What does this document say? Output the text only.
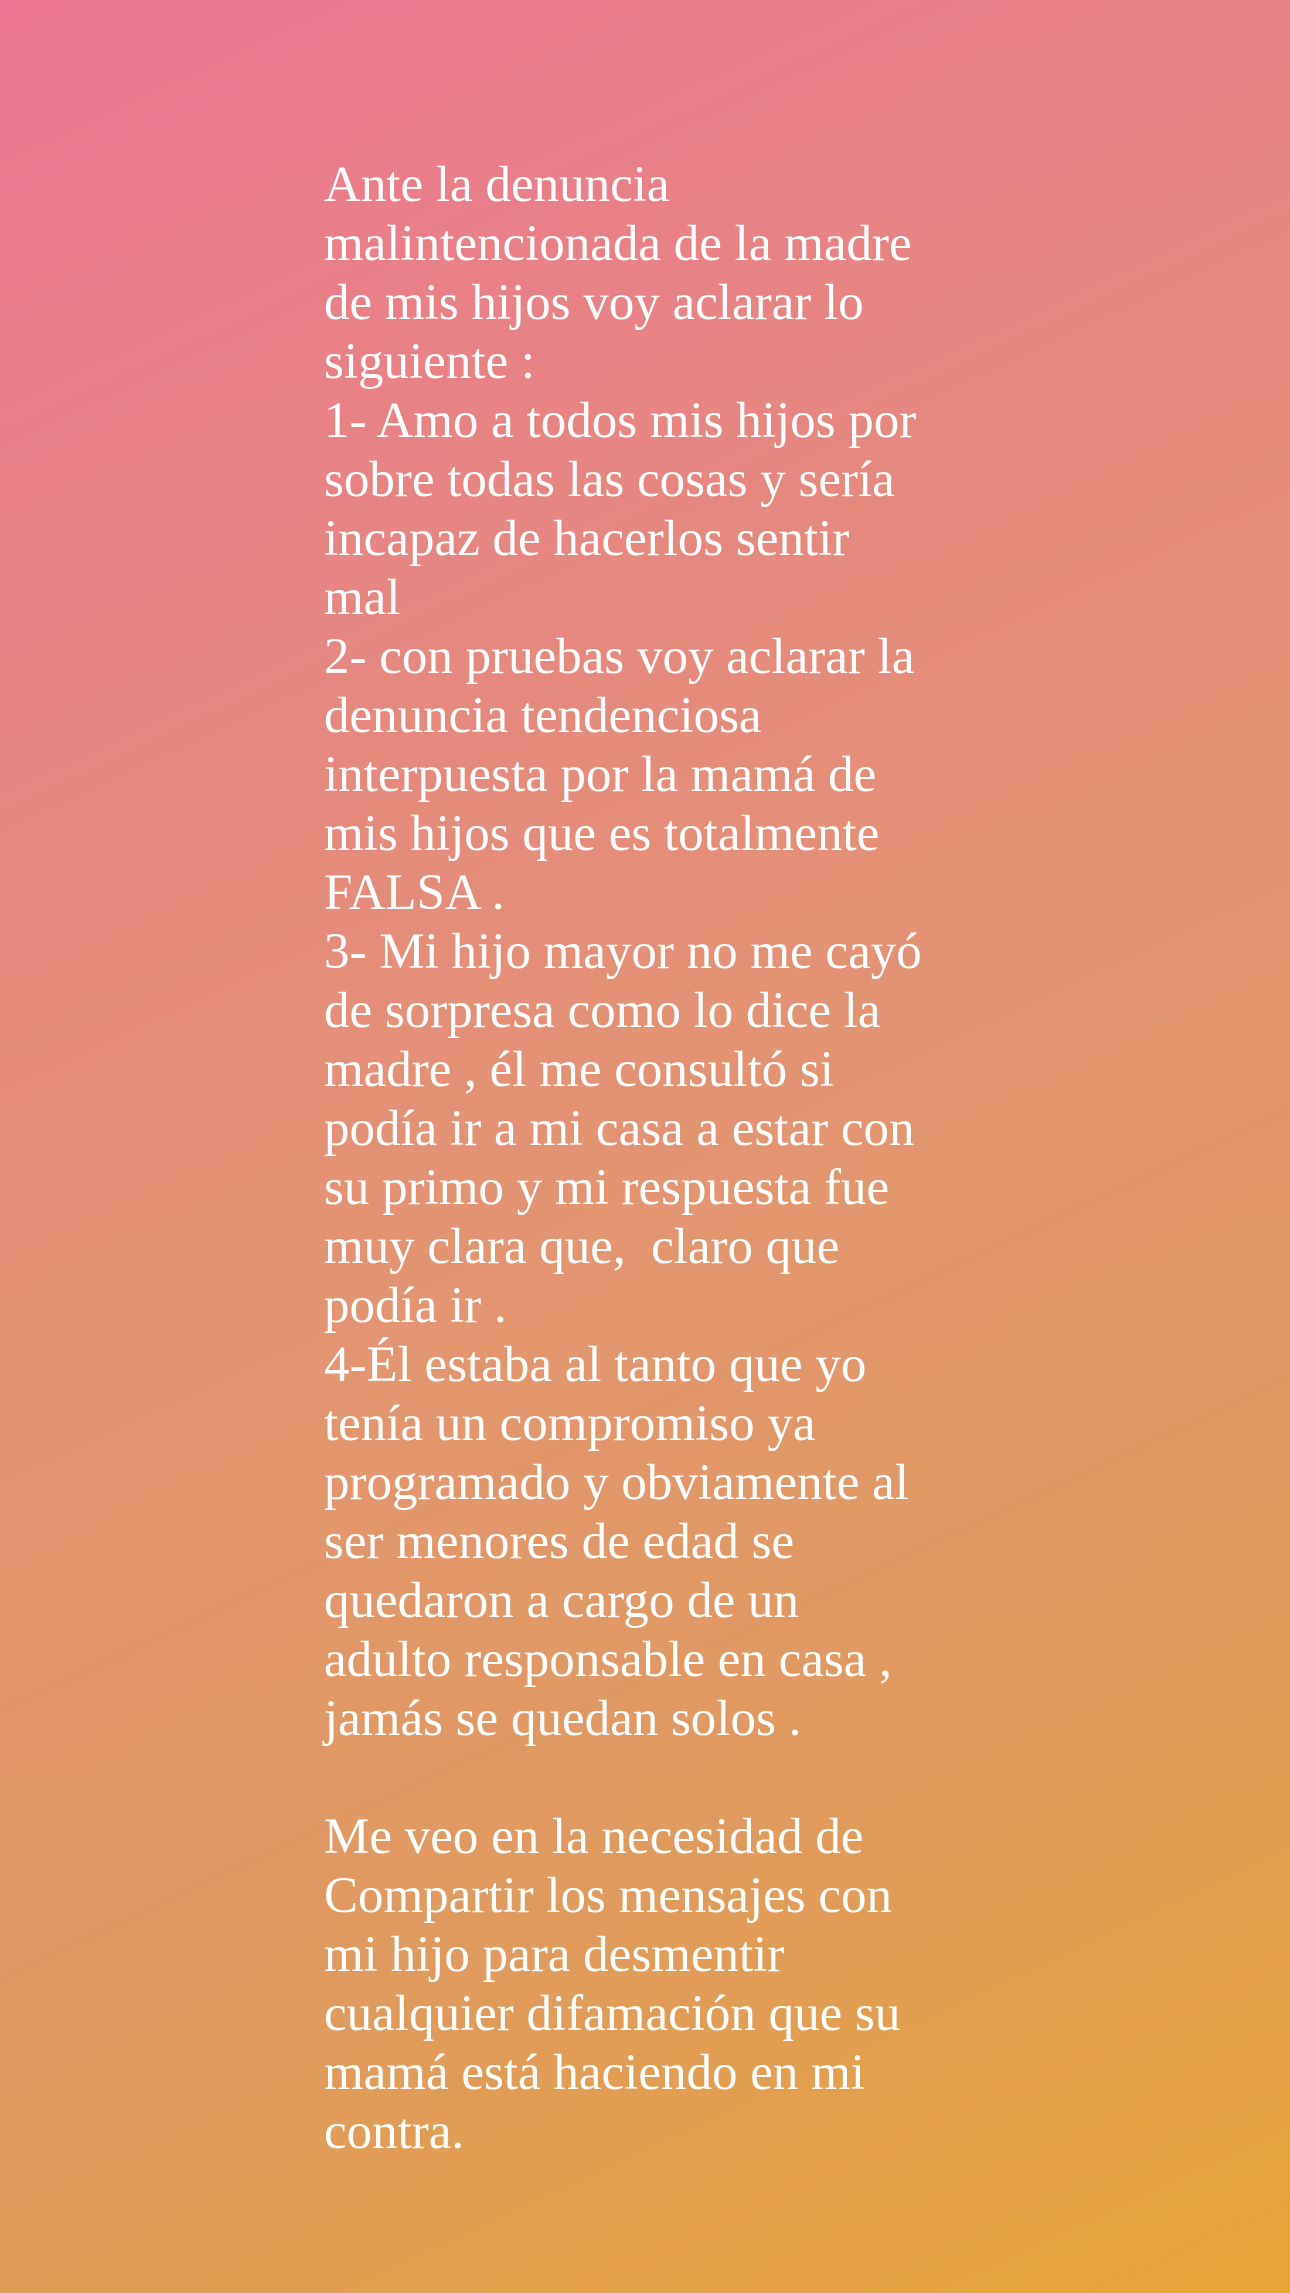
Ante la denuncia
malintencionada de la madre
de mis hijos voy aclarar lo
siguiente :
1- Amo a todos mis hijos por
sobre todas las cosas y sería
incapaz de hacerlos sentir
mal
2- con pruebas voy aclarar la
denuncia tendenciosa
interpuesta por la mamá de
mis hijos que es totalmente
FALSA .
3- Mi hijo mayor no me cayó
de sorpresa como lo dice la
madre , él me consultó si
podía ir a mi casa a estar con
su primo y mi respuesta fue
muy clara que,  claro que
podía ir .
4-Él estaba al tanto que yo
tenía un compromiso ya
programado y obviamente al
ser menores de edad se
quedaron a cargo de un
adulto responsable en casa ,
jamás se quedan solos .
Me veo en la necesidad de
Compartir los mensajes con
mi hijo para desmentir
cualquier difamación que su
mamá está haciendo en mi
contra.
